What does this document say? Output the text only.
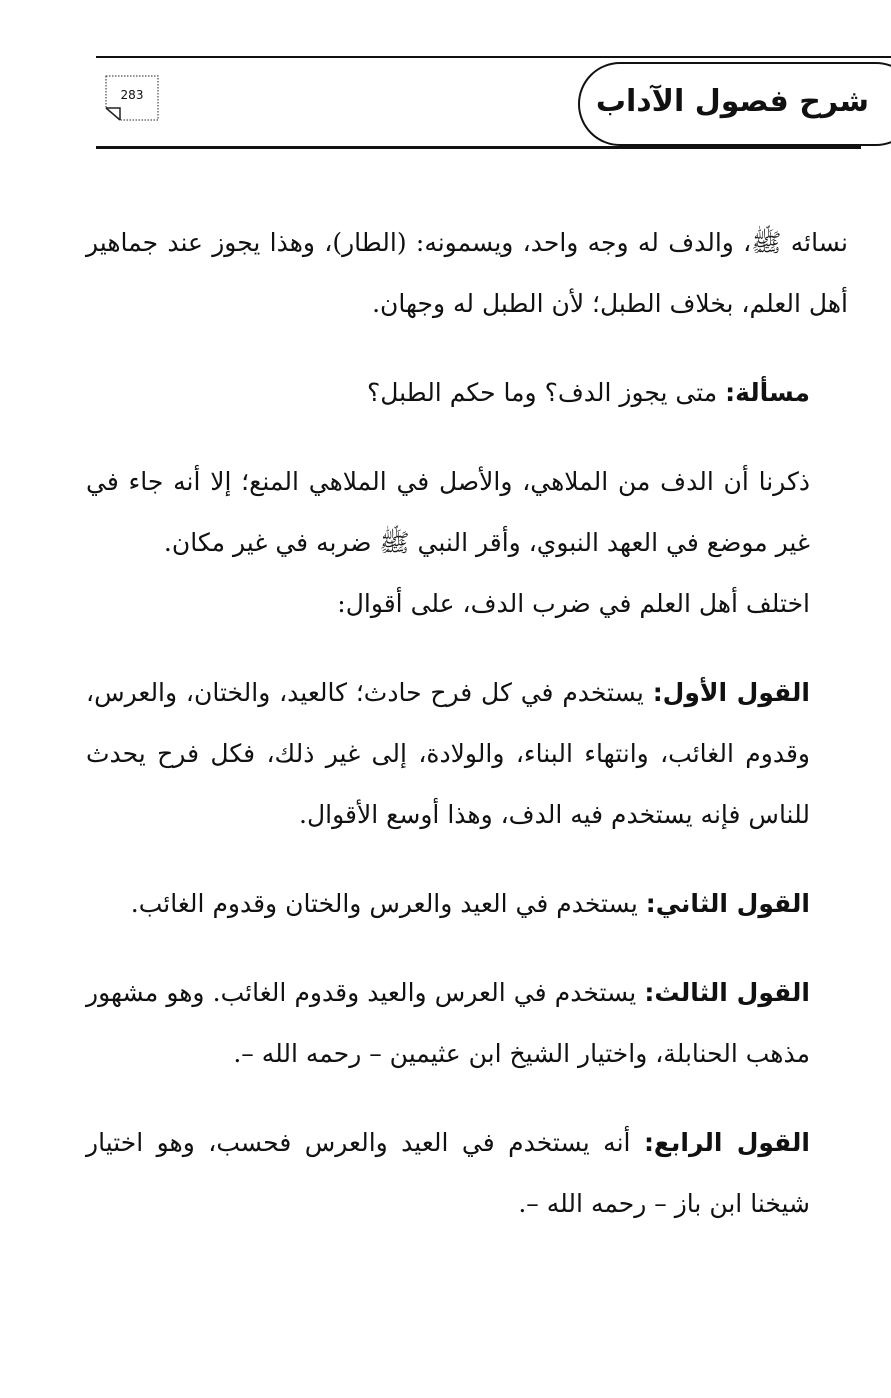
شرح فصول الآداب
283

نسائه ﷺ، والدف له وجه واحد، ويسمونه: (الطار)، وهذا يجوز عند جماهير أهل العلم، بخلاف الطبل؛ لأن الطبل له وجهان.

مسألة: متى يجوز الدف؟ وما حكم الطبل؟

ذكرنا أن الدف من الملاهي، والأصل في الملاهي المنع؛ إلا أنه جاء في غير موضع في العهد النبوي، وأقر النبي ﷺ ضربه في غير مكان.

اختلف أهل العلم في ضرب الدف، على أقوال:

القول الأول: يستخدم في كل فرح حادث؛ كالعيد، والختان، والعرس، وقدوم الغائب، وانتهاء البناء، والولادة، إلى غير ذلك، فكل فرح يحدث للناس فإنه يستخدم فيه الدف، وهذا أوسع الأقوال.

القول الثاني: يستخدم في العيد والعرس والختان وقدوم الغائب.

القول الثالث: يستخدم في العرس والعيد وقدوم الغائب. وهو مشهور مذهب الحنابلة، واختيار الشيخ ابن عثيمين – رحمه الله –.

القول الرابع: أنه يستخدم في العيد والعرس فحسب، وهو اختيار شيخنا ابن باز – رحمه الله –.
